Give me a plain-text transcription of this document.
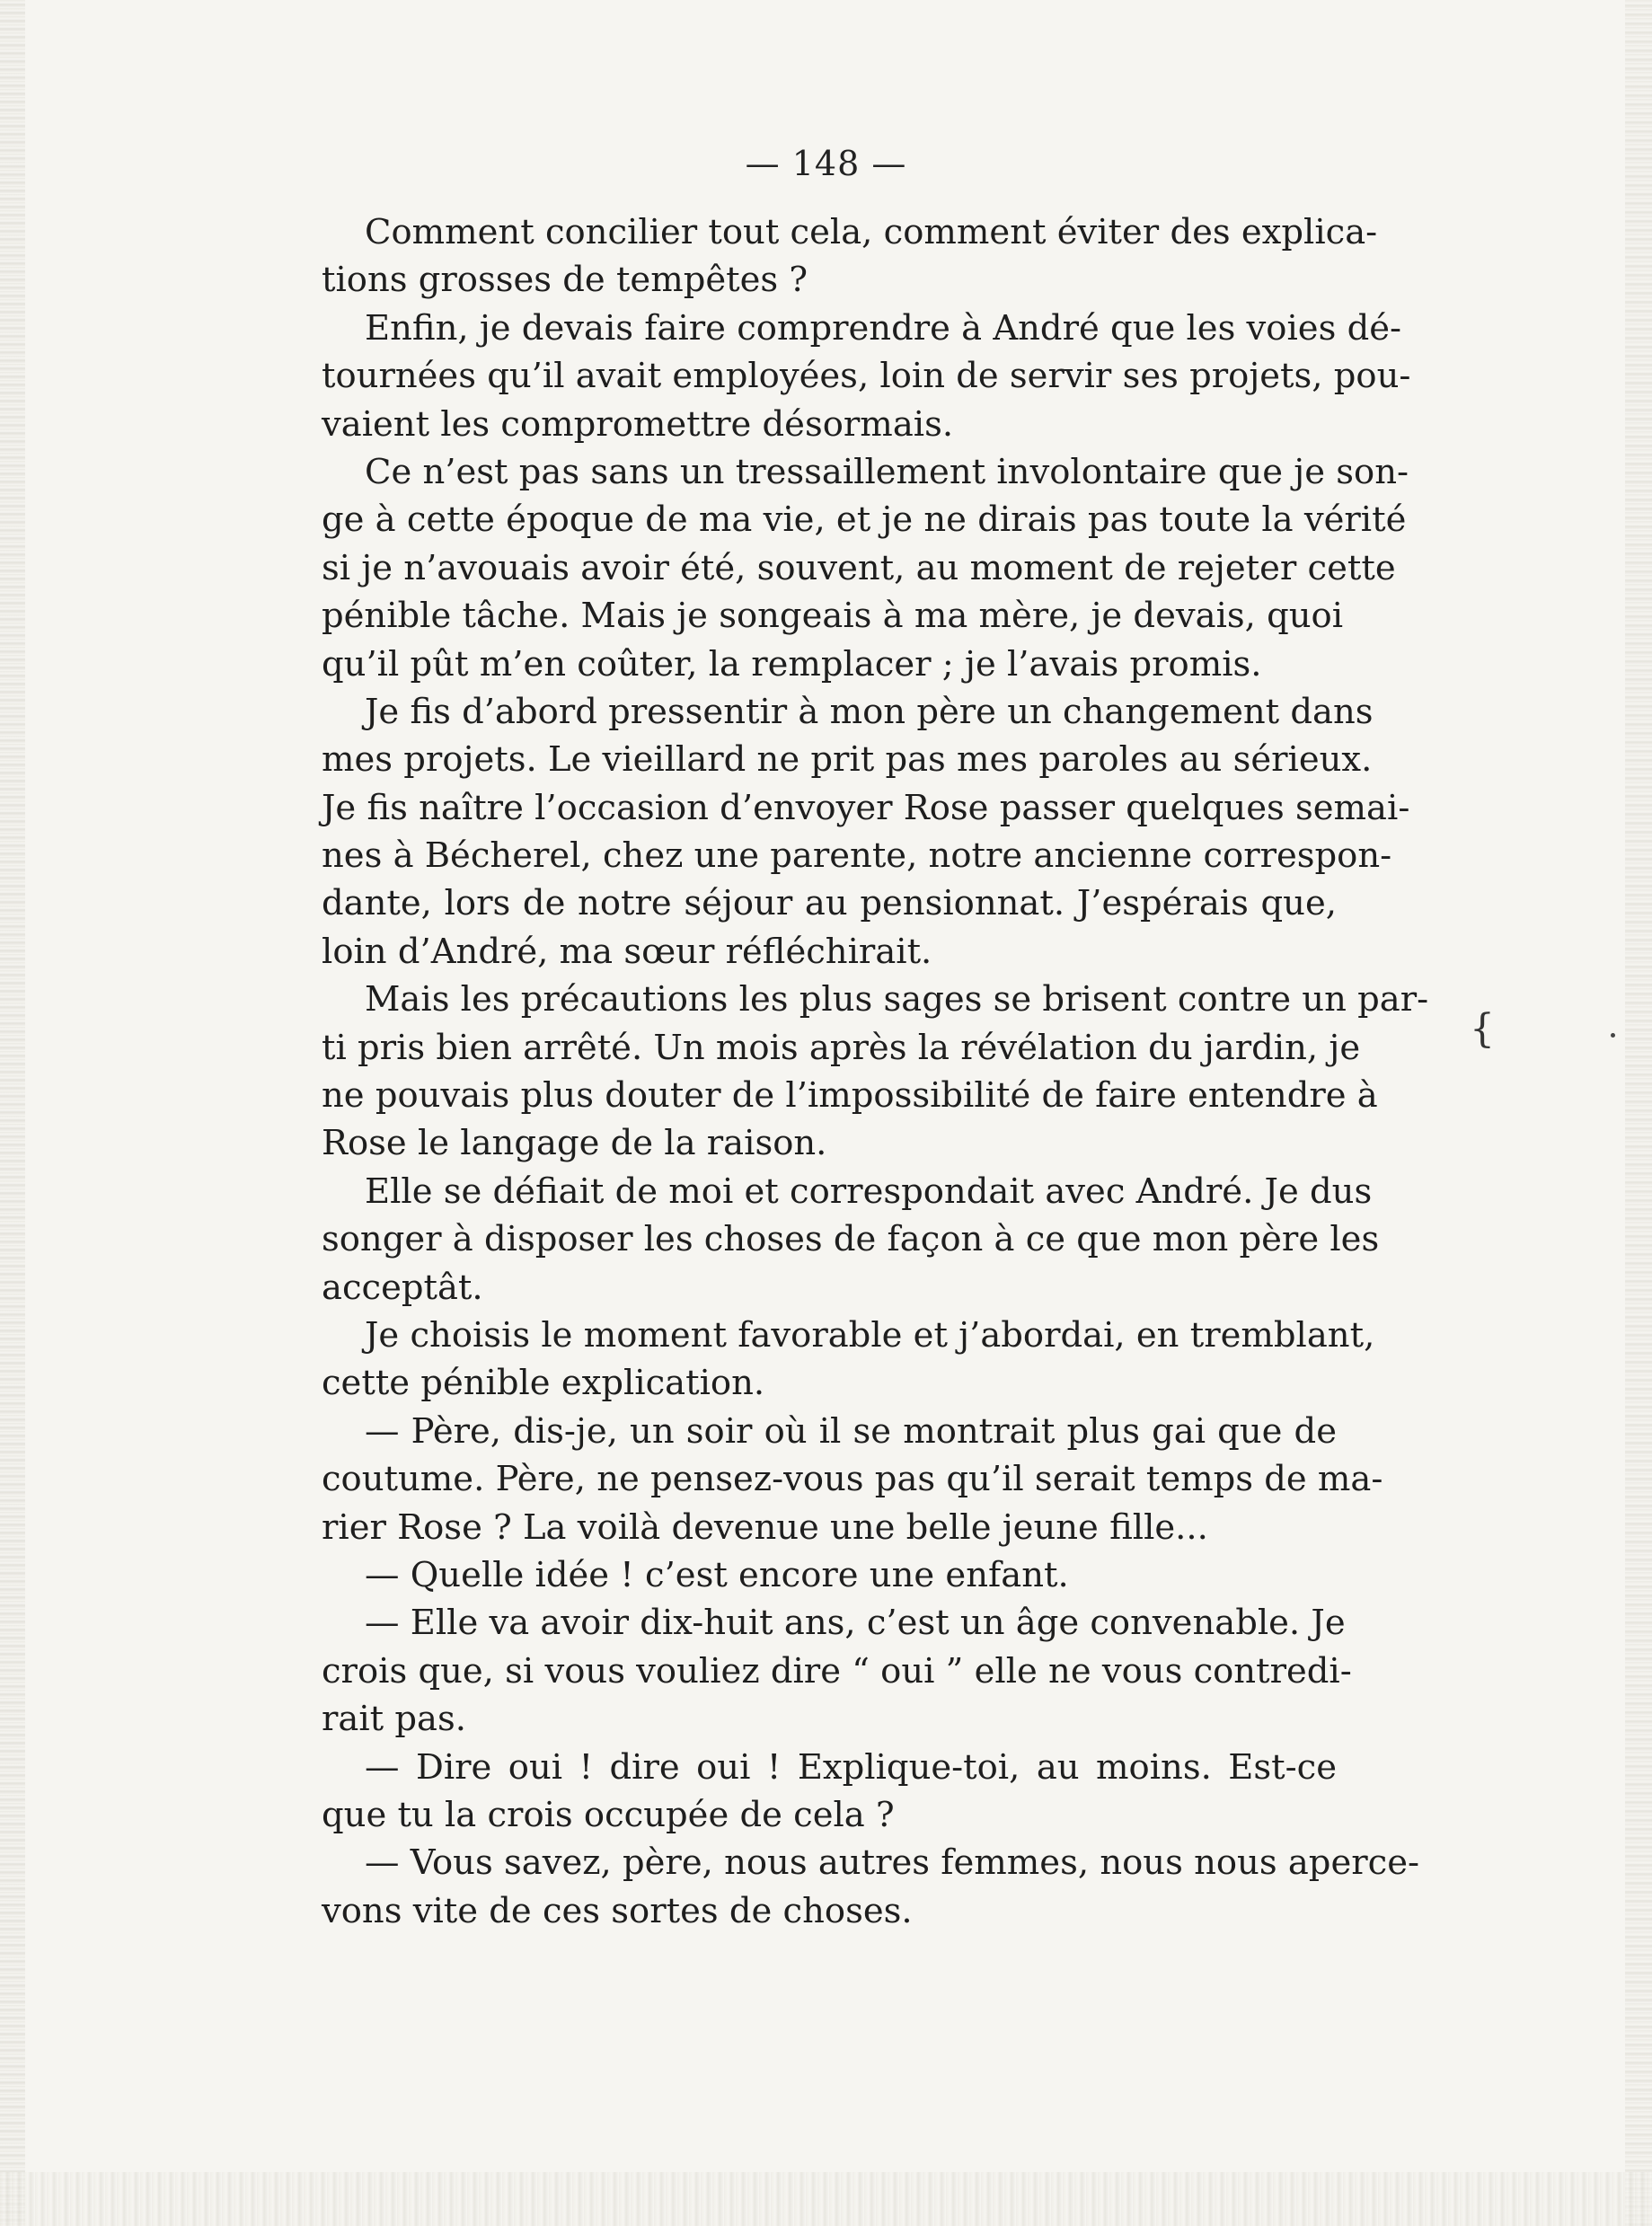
— 148 —
Comment concilier tout cela, comment éviter des explica-
tions grosses de tempêtes ?
Enfin, je devais faire comprendre à André que les voies dé-
tournées qu’il avait employées, loin de servir ses projets, pou-
vaient les compromettre désormais.
Ce n’est pas sans un tressaillement involontaire que je son-
ge à cette époque de ma vie, et je ne dirais pas toute la vérité
si je n’avouais avoir été, souvent, au moment de rejeter cette
pénible tâche. Mais je songeais à ma mère, je devais, quoi
qu’il pût m’en coûter, la remplacer ; je l’avais promis.
Je fis d’abord pressentir à mon père un changement dans
mes projets. Le vieillard ne prit pas mes paroles au sérieux.
Je fis naître l’occasion d’envoyer Rose passer quelques semai-
nes à Bécherel, chez une parente, notre ancienne correspon-
dante, lors de notre séjour au pensionnat. J’espérais que,
loin d’André, ma sœur réfléchirait.
Mais les précautions les plus sages se brisent contre un par-
ti pris bien arrêté. Un mois après la révélation du jardin, je
ne pouvais plus douter de l’impossibilité de faire entendre à
Rose le langage de la raison.
Elle se défiait de moi et correspondait avec André. Je dus
songer à disposer les choses de façon à ce que mon père les
acceptât.
Je choisis le moment favorable et j’abordai, en tremblant,
cette pénible explication.
— Père, dis-je, un soir où il se montrait plus gai que de
coutume. Père, ne pensez-vous pas qu’il serait temps de ma-
rier Rose ? La voilà devenue une belle jeune fille...
— Quelle idée ! c’est encore une enfant.
— Elle va avoir dix-huit ans, c’est un âge convenable. Je
crois que, si vous vouliez dire “ oui ” elle ne vous contredi-
rait pas.
— Dire oui ! dire oui ! Explique-toi, au moins. Est-ce
que tu la crois occupée de cela ?
— Vous savez, père, nous autres femmes, nous nous aperce-
vons vite de ces sortes de choses.
{
